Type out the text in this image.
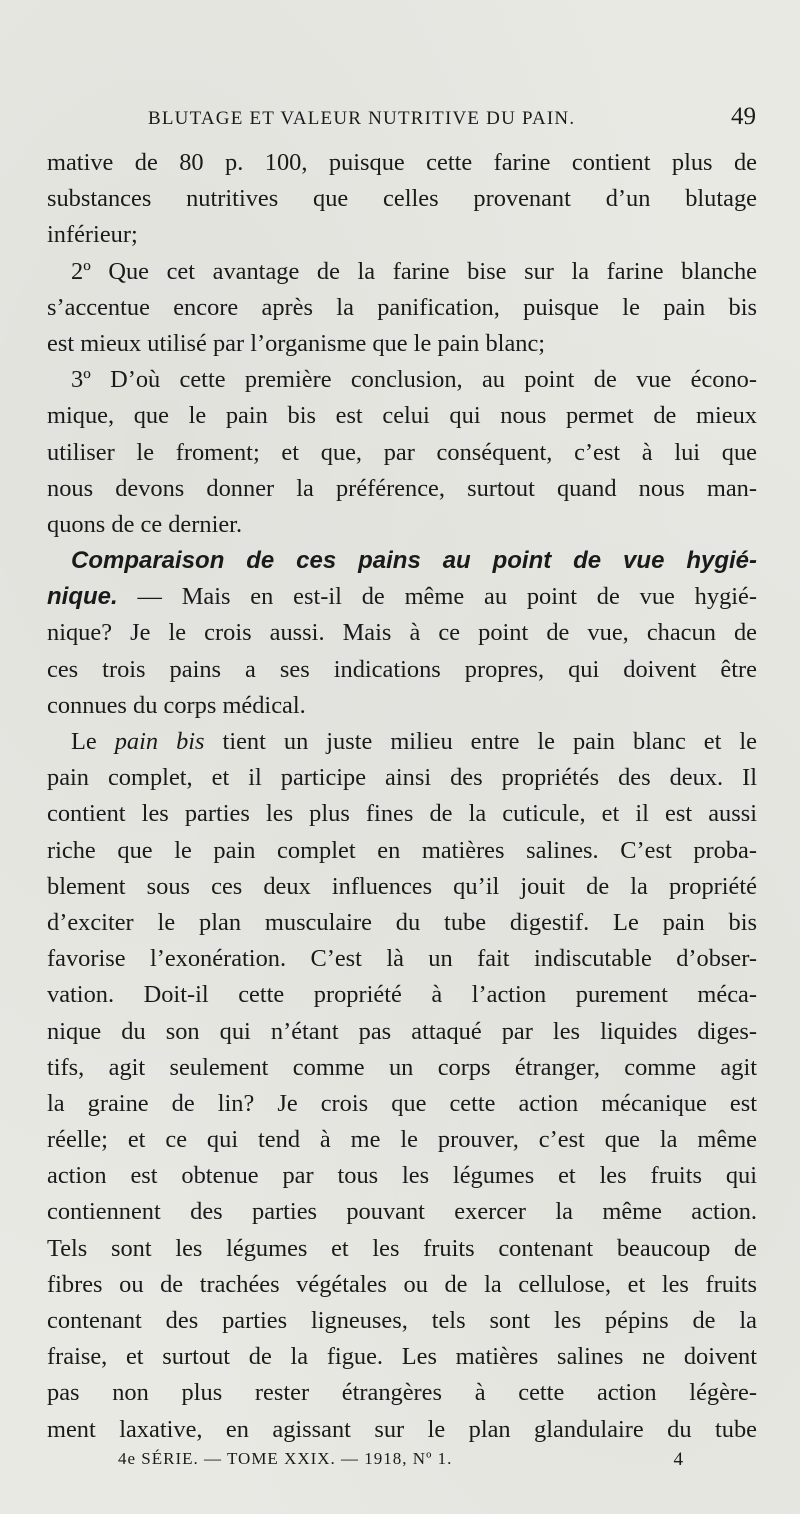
BLUTAGE ET VALEUR NUTRITIVE DU PAIN.	49
mative de 80 p. 100, puisque cette farine contient plus de
substances nutritives que celles provenant d’un blutage
inférieur;
2º Que cet avantage de la farine bise sur la farine blanche
s’accentue encore après la panification, puisque le pain bis
est mieux utilisé par l’organisme que le pain blanc;
3º D’où cette première conclusion, au point de vue écono-
mique, que le pain bis est celui qui nous permet de mieux
utiliser le froment; et que, par conséquent, c’est à lui que
nous devons donner la préférence, surtout quand nous man-
quons de ce dernier.
Comparaison de ces pains au point de vue hygié-
nique. — Mais en est-il de même au point de vue hygié-
nique? Je le crois aussi. Mais à ce point de vue, chacun de
ces trois pains a ses indications propres, qui doivent être
connues du corps médical.
Le pain bis tient un juste milieu entre le pain blanc et le
pain complet, et il participe ainsi des propriétés des deux. Il
contient les parties les plus fines de la cuticule, et il est aussi
riche que le pain complet en matières salines. C’est proba-
blement sous ces deux influences qu’il jouit de la propriété
d’exciter le plan musculaire du tube digestif. Le pain bis
favorise l’exonération. C’est là un fait indiscutable d’obser-
vation. Doit-il cette propriété à l’action purement méca-
nique du son qui n’étant pas attaqué par les liquides diges-
tifs, agit seulement comme un corps étranger, comme agit
la graine de lin? Je crois que cette action mécanique est
réelle; et ce qui tend à me le prouver, c’est que la même
action est obtenue par tous les légumes et les fruits qui
contiennent des parties pouvant exercer la même action.
Tels sont les légumes et les fruits contenant beaucoup de
fibres ou de trachées végétales ou de la cellulose, et les fruits
contenant des parties ligneuses, tels sont les pépins de la
fraise, et surtout de la figue. Les matières salines ne doivent
pas non plus rester étrangères à cette action légère-
ment laxative, en agissant sur le plan glandulaire du tube
4e SÉRIE. — TOME XXIX. — 1918, Nº 1.	4
